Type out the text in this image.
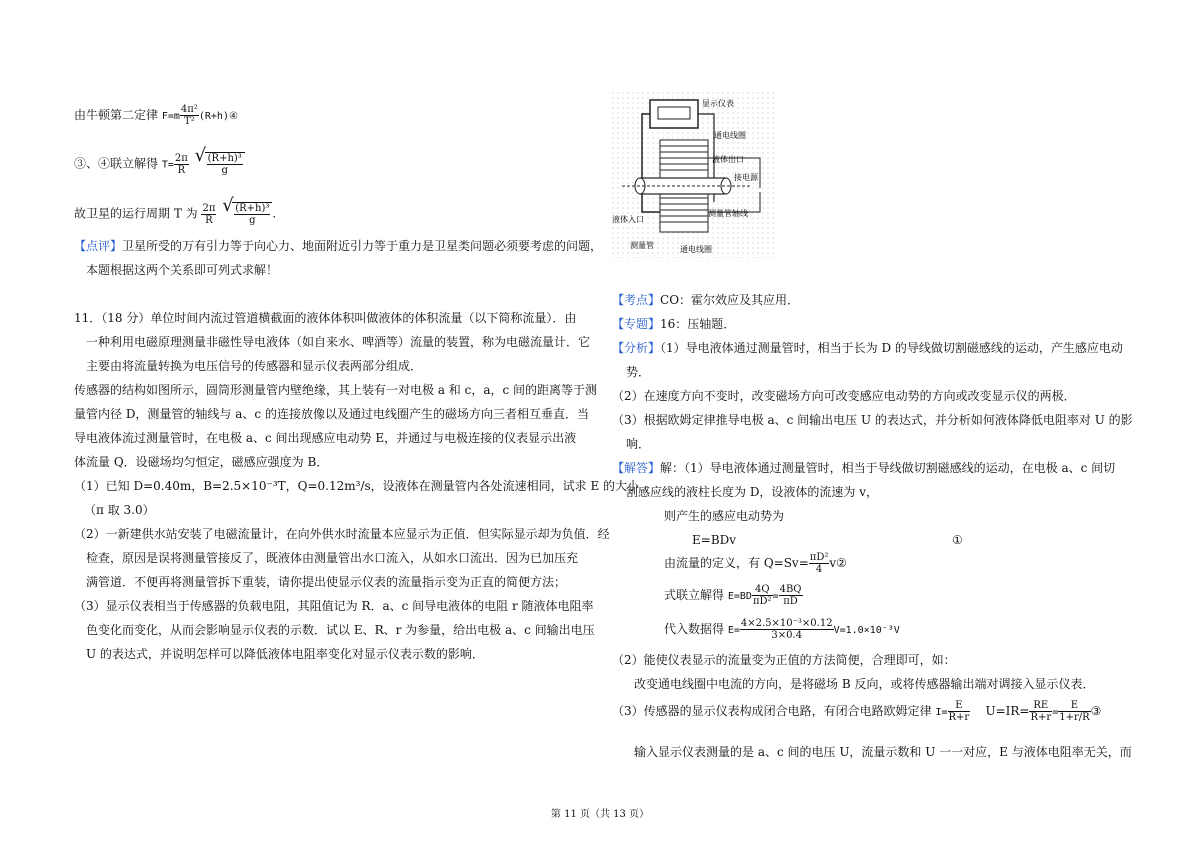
由牛顿第二定律 $F=m \frac{\text{4π²}}{\text{T²}}$ (R+h)④
③、④联立解得 $T= \frac{2\pi}{R}$
√ $\frac{\text{(R+h)³}}{g}$
故卫星的运行周期 T 为 $\frac{2\pi}{R}$
√ $\frac{\text{(R+h)³}}{g}$ .
【点评】卫星所受的万有引力等于向心力、地面附近引力等于重力是卫星类问题必须要考虑的问题，
本题根据这两个关系即可列式求解！
11．（18 分）单位时间内流过管道横截面的液体体积叫做液体的体积流量（以下简称流量）．由
一种利用电磁原理测量非磁性导电液体（如自来水、啤酒等）流量的装置，称为电磁流量计．它
主要由将流量转换为电压信号的传感器和显示仪表两部分组成．
传感器的结构如图所示，圆筒形测量管内壁绝缘，其上装有一对电极 a 和 c，a，c 间的距离等于测
量管内径 D，测量管的轴线与 a、c 的连接放像以及通过电线圈产生的磁场方向三者相互垂直．当
导电液体流过测量管时，在电极 a、c 间出现感应电动势 E，并通过与电极连接的仪表显示出液
体流量 Q．设磁场均匀恒定，磁感应强度为 B．
（1）已知 D=0.40m，B=2.5×10⁻³T，Q=0.12m³/s，设液体在测量管内各处流速相同，试求 E 的大小
（π 取 3.0）
（2）一新建供水站安装了电磁流量计，在向外供水时流量本应显示为正值．但实际显示却为负值．经
检查，原因是误将测量管接反了，既液体由测量管出水口流入，从如水口流出．因为已加压充
满管道．不便再将测量管拆下重装，请你提出使显示仪表的流量指示变为正直的简便方法；
（3）显示仪表相当于传感器的负载电阻，其阻值记为 R．a、c 间导电液体的电阻 r 随液体电阻率
色变化而变化，从而会影响显示仪表的示数．试以 E、R、r 为参量，给出电极 a、c 间输出电压
U 的表达式，并说明怎样可以降低液体电阻率变化对显示仪表示数的影响．
显示仪表
通电线圈
液体出口
接电源
测量管轴线
液体入口
测量管	通电线圈
【考点】CO：霍尔效应及其应用．
【专题】16：压轴题．
【分析】（1）导电液体通过测量管时，相当于长为 D 的导线做切割磁感线的运动，产生感应电动
势．
（2）在速度方向不变时，改变磁场方向可改变感应电动势的方向或改变显示仪的两极．
（3）根据欧姆定律推导电极 a、c 间输出电压 U 的表达式，并分析如何液体降低电阻率对 U 的影
响．
【解答】解：（1）导电液体通过测量管时，相当于导线做切割磁感线的运动，在电极 a、c 间切
割感应线的液柱长度为 D，设液体的流速为 v，
则产生的感应电动势为
E=BDv	①
由流量的定义，有 $Q=Sv= \frac{\text{πD²}}{4}$ v②
式联立解得 $E=BD \frac{4Q}{\text{πD²}} = \frac{4BQ}{\pi D}$
代入数据得 $E= \frac{\text{4×2.5×10⁻³×0.12}}{3\times 0.4} V=1.0\times 10^{-3}V$
（2）能使仪表显示的流量变为正值的方法简便，合理即可，如：
改变通电线圈中电流的方向，是将磁场 B 反向，或将传感器输出端对调接入显示仪表．
（3）传感器的显示仪表构成闭合电路，有闭合电路欧姆定律 $I= \frac{E}{R+r} U=IR= \frac{RE}{R+r} = \frac{E}{1+r/R}$ ③
输入显示仪表测量的是 a、c 间的电压 U，流量示数和 U 一一对应，E 与液体电阻率无关，而
第 11 页（共 13 页）
